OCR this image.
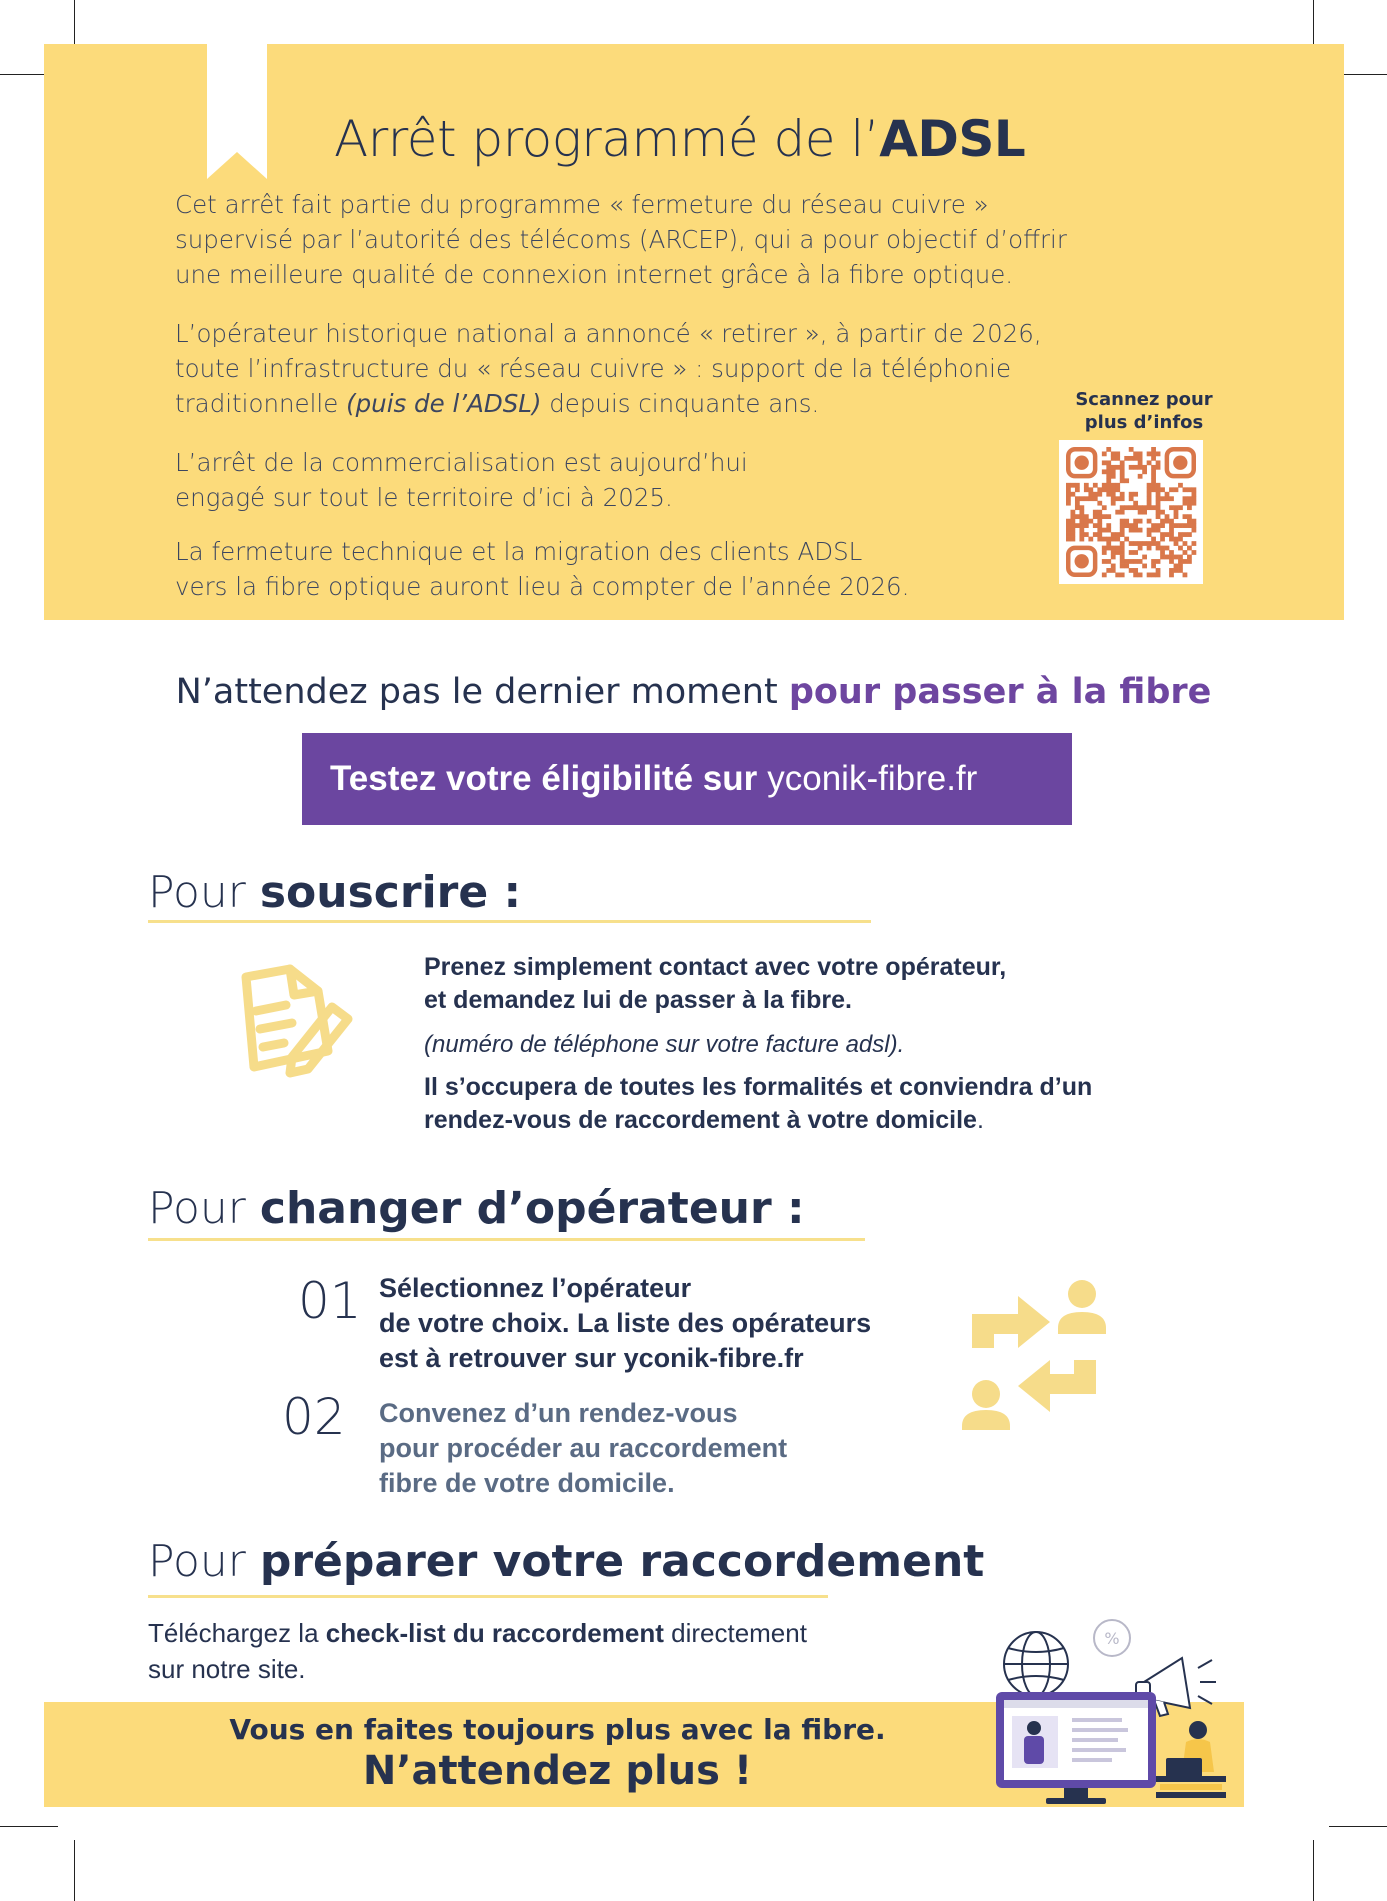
Arrêt programmé de l’ADSL
Cet arrêt fait partie du programme « fermeture du réseau cuivre »
supervisé par l’autorité des télécoms (ARCEP), qui a pour objectif d’offrir
une meilleure qualité de connexion internet grâce à la fibre optique.
L’opérateur historique national a annoncé « retirer », à partir de 2026,
toute l’infrastructure du « réseau cuivre » : support de la téléphonie
traditionnelle (puis de l’ADSL) depuis cinquante ans.
L’arrêt de la commercialisation est aujourd’hui
engagé sur tout le territoire d’ici à 2025.
La fermeture technique et la migration des clients ADSL
vers la fibre optique auront lieu à compter de l’année 2026.
Scannez pour
plus d’infos
N’attendez pas le dernier moment pour passer à la fibre
Testez votre éligibilité sur yconik-fibre.fr
Pour souscrire :
Prenez simplement contact avec votre opérateur,
et demandez lui de passer à la fibre.
(numéro de téléphone sur votre facture adsl).
Il s’occupera de toutes les formalités et conviendra d’un
rendez-vous de raccordement à votre domicile.
Pour changer d’opérateur :
01 Sélectionnez l’opérateur
de votre choix. La liste des opérateurs
est à retrouver sur yconik-fibre.fr
02 Convenez d’un rendez-vous
pour procéder au raccordement
fibre de votre domicile.
Pour préparer votre raccordement
Téléchargez la check-list du raccordement directement
sur notre site.
Vous en faites toujours plus avec la fibre.
N’attendez plus !
%
